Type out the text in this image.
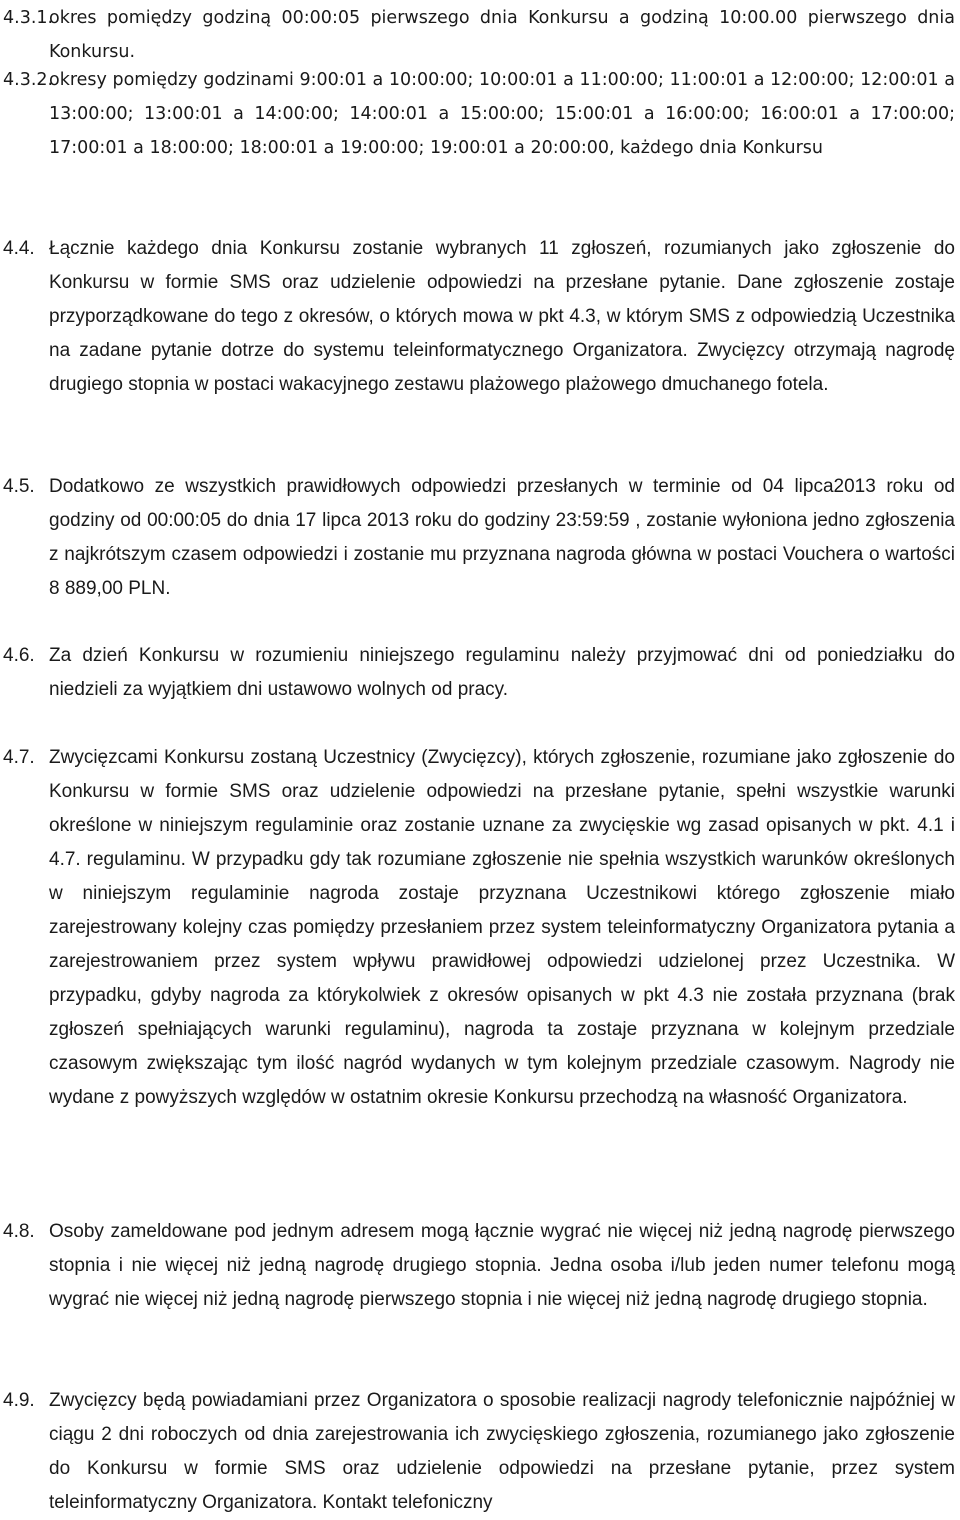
4.3.1.
okres pomiędzy godziną 00:00:05 pierwszego dnia Konkursu a godziną 10:00.00 pierwszego dnia Konkursu.
4.3.2.
okresy pomiędzy godzinami 9:00:01 a 10:00:00; 10:00:01 a 11:00:00; 11:00:01 a 12:00:00; 12:00:01 a 13:00:00; 13:00:01 a 14:00:00; 14:00:01 a 15:00:00; 15:00:01 a 16:00:00; 16:00:01 a 17:00:00; 17:00:01 a 18:00:00; 18:00:01 a 19:00:00; 19:00:01 a 20:00:00, każdego dnia Konkursu
4.4. Łącznie każdego dnia Konkursu zostanie wybranych 11 zgłoszeń, rozumianych jako zgłoszenie do Konkursu w formie SMS oraz udzielenie odpowiedzi na przesłane pytanie. Dane zgłoszenie zostaje przyporządkowane do tego z okresów, o których mowa w pkt 4.3, w którym SMS z odpowiedzią Uczestnika na zadane pytanie dotrze do systemu teleinformatycznego Organizatora. Zwycięzcy otrzymają nagrodę drugiego stopnia w postaci wakacyjnego zestawu plażowego plażowego dmuchanego fotela.
4.5. Dodatkowo ze wszystkich prawidłowych odpowiedzi przesłanych w terminie od 04 lipca2013 roku od godziny od 00:00:05 do dnia 17 lipca 2013 roku do godziny 23:59:59 , zostanie wyłoniona jedno zgłoszenia z najkrótszym czasem odpowiedzi i zostanie mu przyznana nagroda główna w postaci Vouchera o wartości 8 889,00 PLN.
4.6. Za dzień Konkursu w rozumieniu niniejszego regulaminu należy przyjmować dni od poniedziałku do niedzieli za wyjątkiem dni ustawowo wolnych od pracy.
4.7. Zwycięzcami Konkursu zostaną Uczestnicy (Zwycięzcy), których zgłoszenie, rozumiane jako zgłoszenie do Konkursu w formie SMS oraz udzielenie odpowiedzi na przesłane pytanie, spełni wszystkie warunki określone w niniejszym regulaminie oraz zostanie uznane za zwycięskie wg zasad opisanych w pkt. 4.1 i 4.7. regulaminu. W przypadku gdy tak rozumiane zgłoszenie nie spełnia wszystkich warunków określonych w niniejszym regulaminie nagroda zostaje przyznana Uczestnikowi którego zgłoszenie miało zarejestrowany kolejny czas pomiędzy przesłaniem przez system teleinformatyczny Organizatora pytania a zarejestrowaniem przez system wpływu prawidłowej odpowiedzi udzielonej przez Uczestnika. W przypadku, gdyby nagroda za którykolwiek z okresów opisanych w pkt 4.3 nie została przyznana (brak zgłoszeń spełniających warunki regulaminu), nagroda ta zostaje przyznana w kolejnym przedziale czasowym zwiększając tym ilość nagród wydanych w tym kolejnym przedziale czasowym. Nagrody nie wydane z powyższych względów w ostatnim okresie Konkursu przechodzą na własność Organizatora.
4.8. Osoby zameldowane pod jednym adresem mogą łącznie wygrać nie więcej niż jedną nagrodę pierwszego stopnia i nie więcej niż jedną nagrodę drugiego stopnia. Jedna osoba i/lub jeden numer telefonu mogą wygrać nie więcej niż jedną nagrodę pierwszego stopnia i nie więcej niż jedną nagrodę drugiego stopnia.
4.9. Zwycięzcy będą powiadamiani przez Organizatora o sposobie realizacji nagrody telefonicznie najpóźniej w ciągu 2 dni roboczych od dnia zarejestrowania ich zwycięskiego zgłoszenia, rozumianego jako zgłoszenie do Konkursu w formie SMS oraz udzielenie odpowiedzi na przesłane pytanie, przez system teleinformatyczny Organizatora. Kontakt telefoniczny
